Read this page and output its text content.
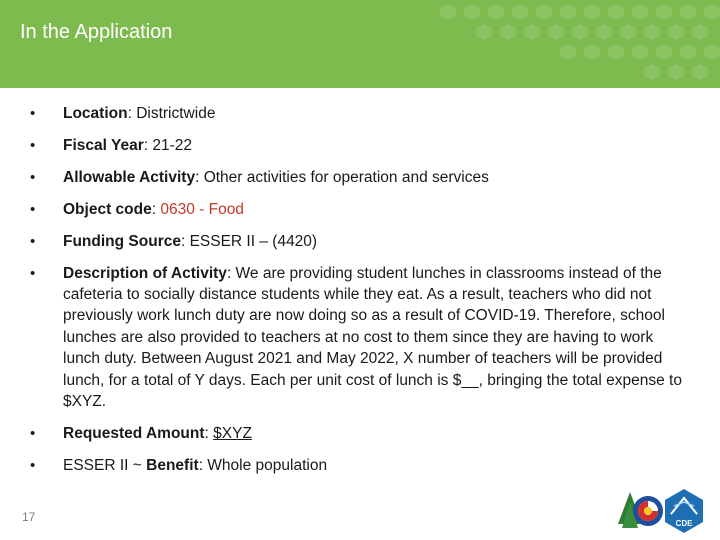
In the Application
• Location: Districtwide
• Fiscal Year: 21-22
• Allowable Activity: Other activities for operation and services
• Object code: 0630 - Food
• Funding Source: ESSER II – (4420)
• Description of Activity: We are providing student lunches in classrooms instead of the cafeteria to socially distance students while they eat. As a result, teachers who did not previously work lunch duty are now doing so as a result of COVID-19. Therefore, school lunches are also provided to teachers at no cost to them since they are having to work lunch duty. Between August 2021 and May 2022, X number of teachers will be provided lunch, for a total of Y days. Each per unit cost of lunch is $__, bringing the total expense to $XYZ.
• Requested Amount: $XYZ
• ESSER II ~ Benefit: Whole population
17	CDE
